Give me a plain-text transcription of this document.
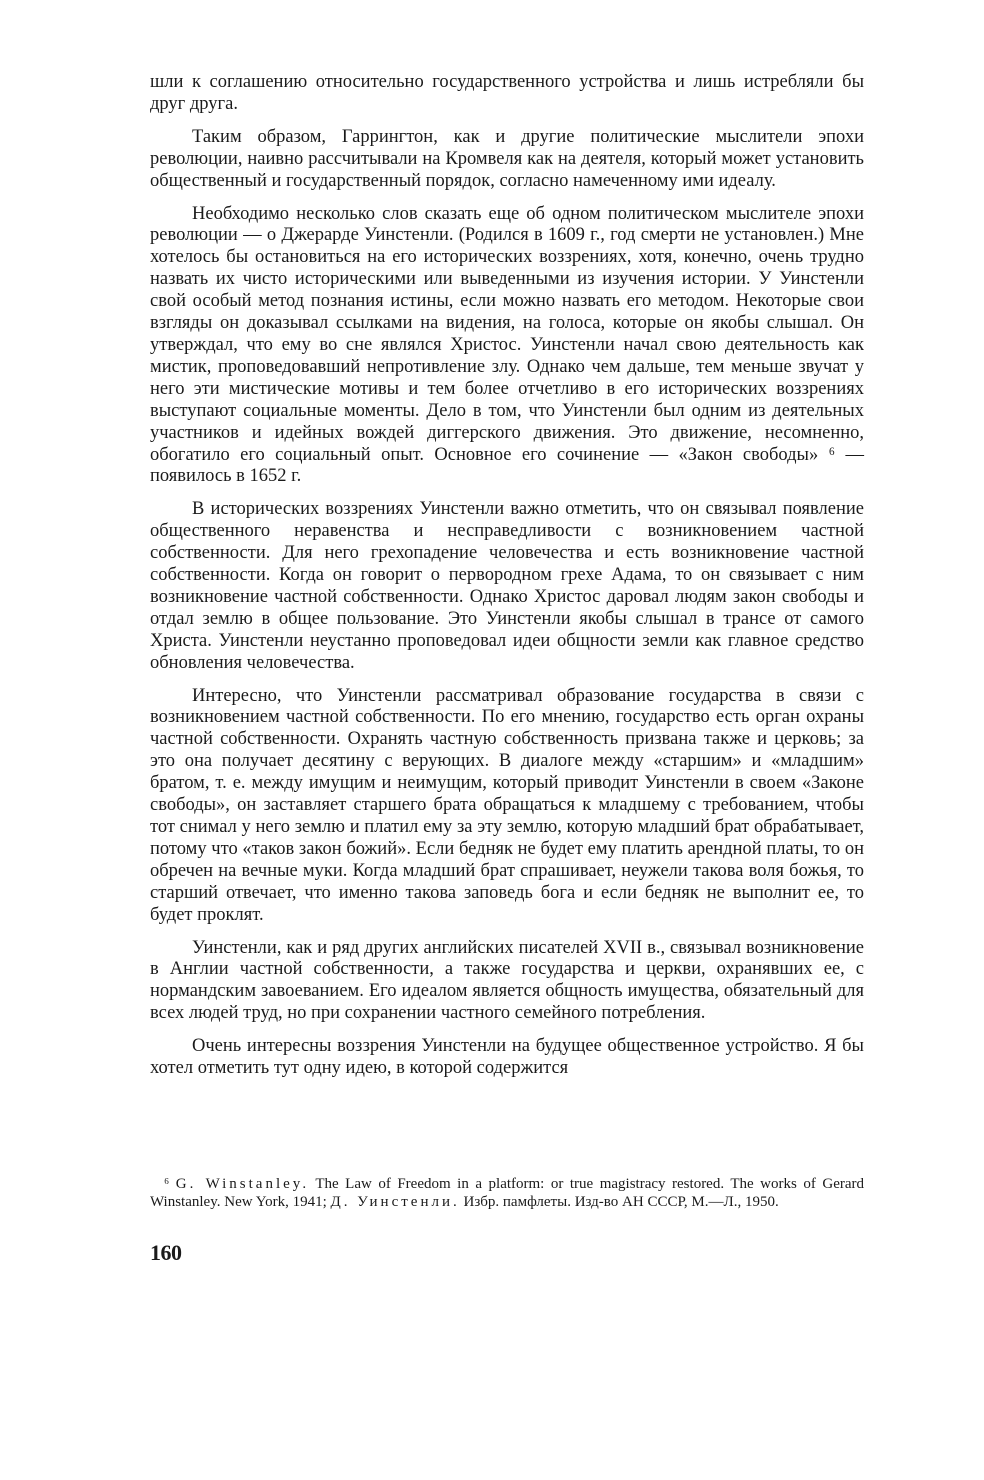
шли к соглашению относительно государственного устройства и лишь истребляли бы друг друга.

Таким образом, Гаррингтон, как и другие политические мыслители эпохи революции, наивно рассчитывали на Кромвеля как на деятеля, который может установить общественный и государственный порядок, согласно намеченному ими идеалу.

Необходимо несколько слов сказать еще об одном политическом мыслителе эпохи революции — о Джерарде Уинстенли. (Родился в 1609 г., год смерти не установлен.) Мне хотелось бы остановиться на его исторических воззрениях, хотя, конечно, очень трудно назвать их чисто историческими или выведенными из изучения истории. У Уинстенли свой особый метод познания истины, если можно назвать его методом. Некоторые свои взгляды он доказывал ссылками на видения, на голоса, которые он якобы слышал. Он утверждал, что ему во сне являлся Христос. Уинстенли начал свою деятельность как мистик, проповедовавший непротивление злу. Однако чем дальше, тем меньше звучат у него эти мистические мотивы и тем более отчетливо в его исторических воззрениях выступают социальные моменты. Дело в том, что Уинстенли был одним из деятельных участников и идейных вождей диггерского движения. Это движение, несомненно, обогатило его социальный опыт. Основное его сочинение — «Закон свободы» ⁶ — появилось в 1652 г.

В исторических воззрениях Уинстенли важно отметить, что он связывал появление общественного неравенства и несправедливости с возникновением частной собственности. Для него грехопадение человечества и есть возникновение частной собственности. Когда он говорит о первородном грехе Адама, то он связывает с ним возникновение частной собственности. Однако Христос даровал людям закон свободы и отдал землю в общее пользование. Это Уинстенли якобы слышал в трансе от самого Христа. Уинстенли неустанно проповедовал идеи общности земли как главное средство обновления человечества.

Интересно, что Уинстенли рассматривал образование государства в связи с возникновением частной собственности. По его мнению, государство есть орган охраны частной собственности. Охранять частную собственность призвана также и церковь; за это она получает десятину с верующих. В диалоге между «старшим» и «младшим» братом, т. е. между имущим и неимущим, который приводит Уинстенли в своем «Законе свободы», он заставляет старшего брата обращаться к младшему с требованием, чтобы тот снимал у него землю и платил ему за эту землю, которую младший брат обрабатывает, потому что «таков закон божий». Если бедняк не будет ему платить арендной платы, то он обречен на вечные муки. Когда младший брат спрашивает, неужели такова воля божья, то старший отвечает, что именно такова заповедь бога и если бедняк не выполнит ее, то будет проклят.

Уинстенли, как и ряд других английских писателей XVII в., связывал возникновение в Англии частной собственности, а также государства и церкви, охранявших ее, с нормандским завоеванием. Его идеалом является общность имущества, обязательный для всех людей труд, но при сохранении частного семейного потребления.

Очень интересны воззрения Уинстенли на будущее общественное устройство. Я бы хотел отметить тут одну идею, в которой содержится

⁶ G. Winstanley. The Law of Freedom in a platform: or true magistracy restored. The works of Gerard Winstanley. New York, 1941; Д. Уинстенли. Избр. памфлеты. Изд-во АН СССР, М.—Л., 1950.
160
